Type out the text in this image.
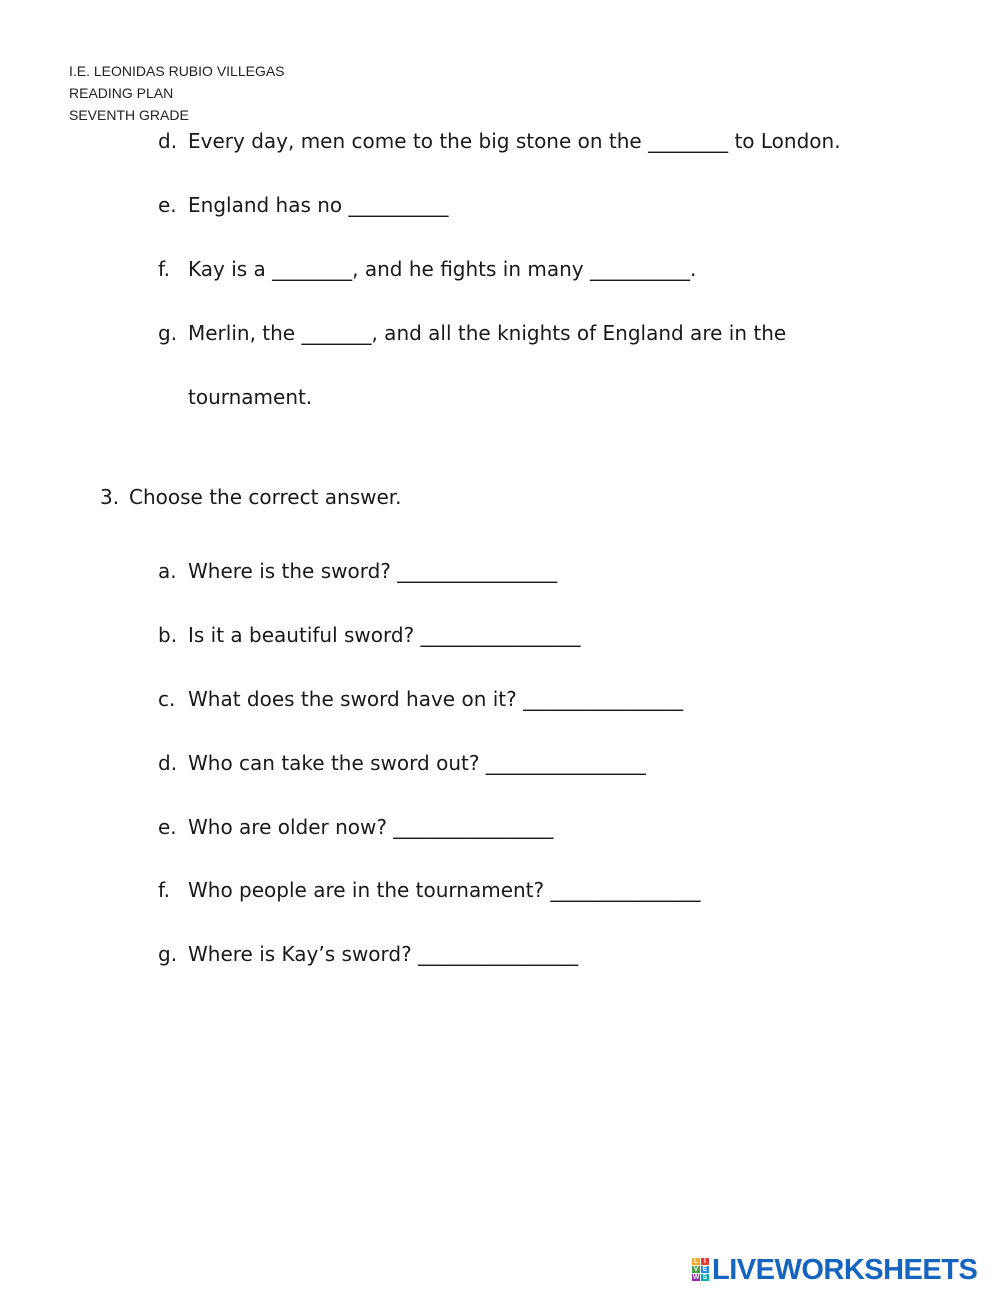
I.E. LEONIDAS RUBIO VILLEGAS
READING PLAN
SEVENTH GRADE
d. Every day, men come to the big stone on the ________ to London.
e. England has no __________
f. Kay is a ________, and he fights in many __________.
g. Merlin, the _______, and all the knights of England are in the
tournament.
3. Choose the correct answer.
a. Where is the sword? ________________
b. Is it a beautiful sword? ________________
c. What does the sword have on it? ________________
d. Who can take the sword out? ________________
e. Who are older now? ________________
f. Who people are in the tournament? _______________
g. Where is Kay’s sword? ________________
L I
V E
W S LIVEWORKSHEETS
